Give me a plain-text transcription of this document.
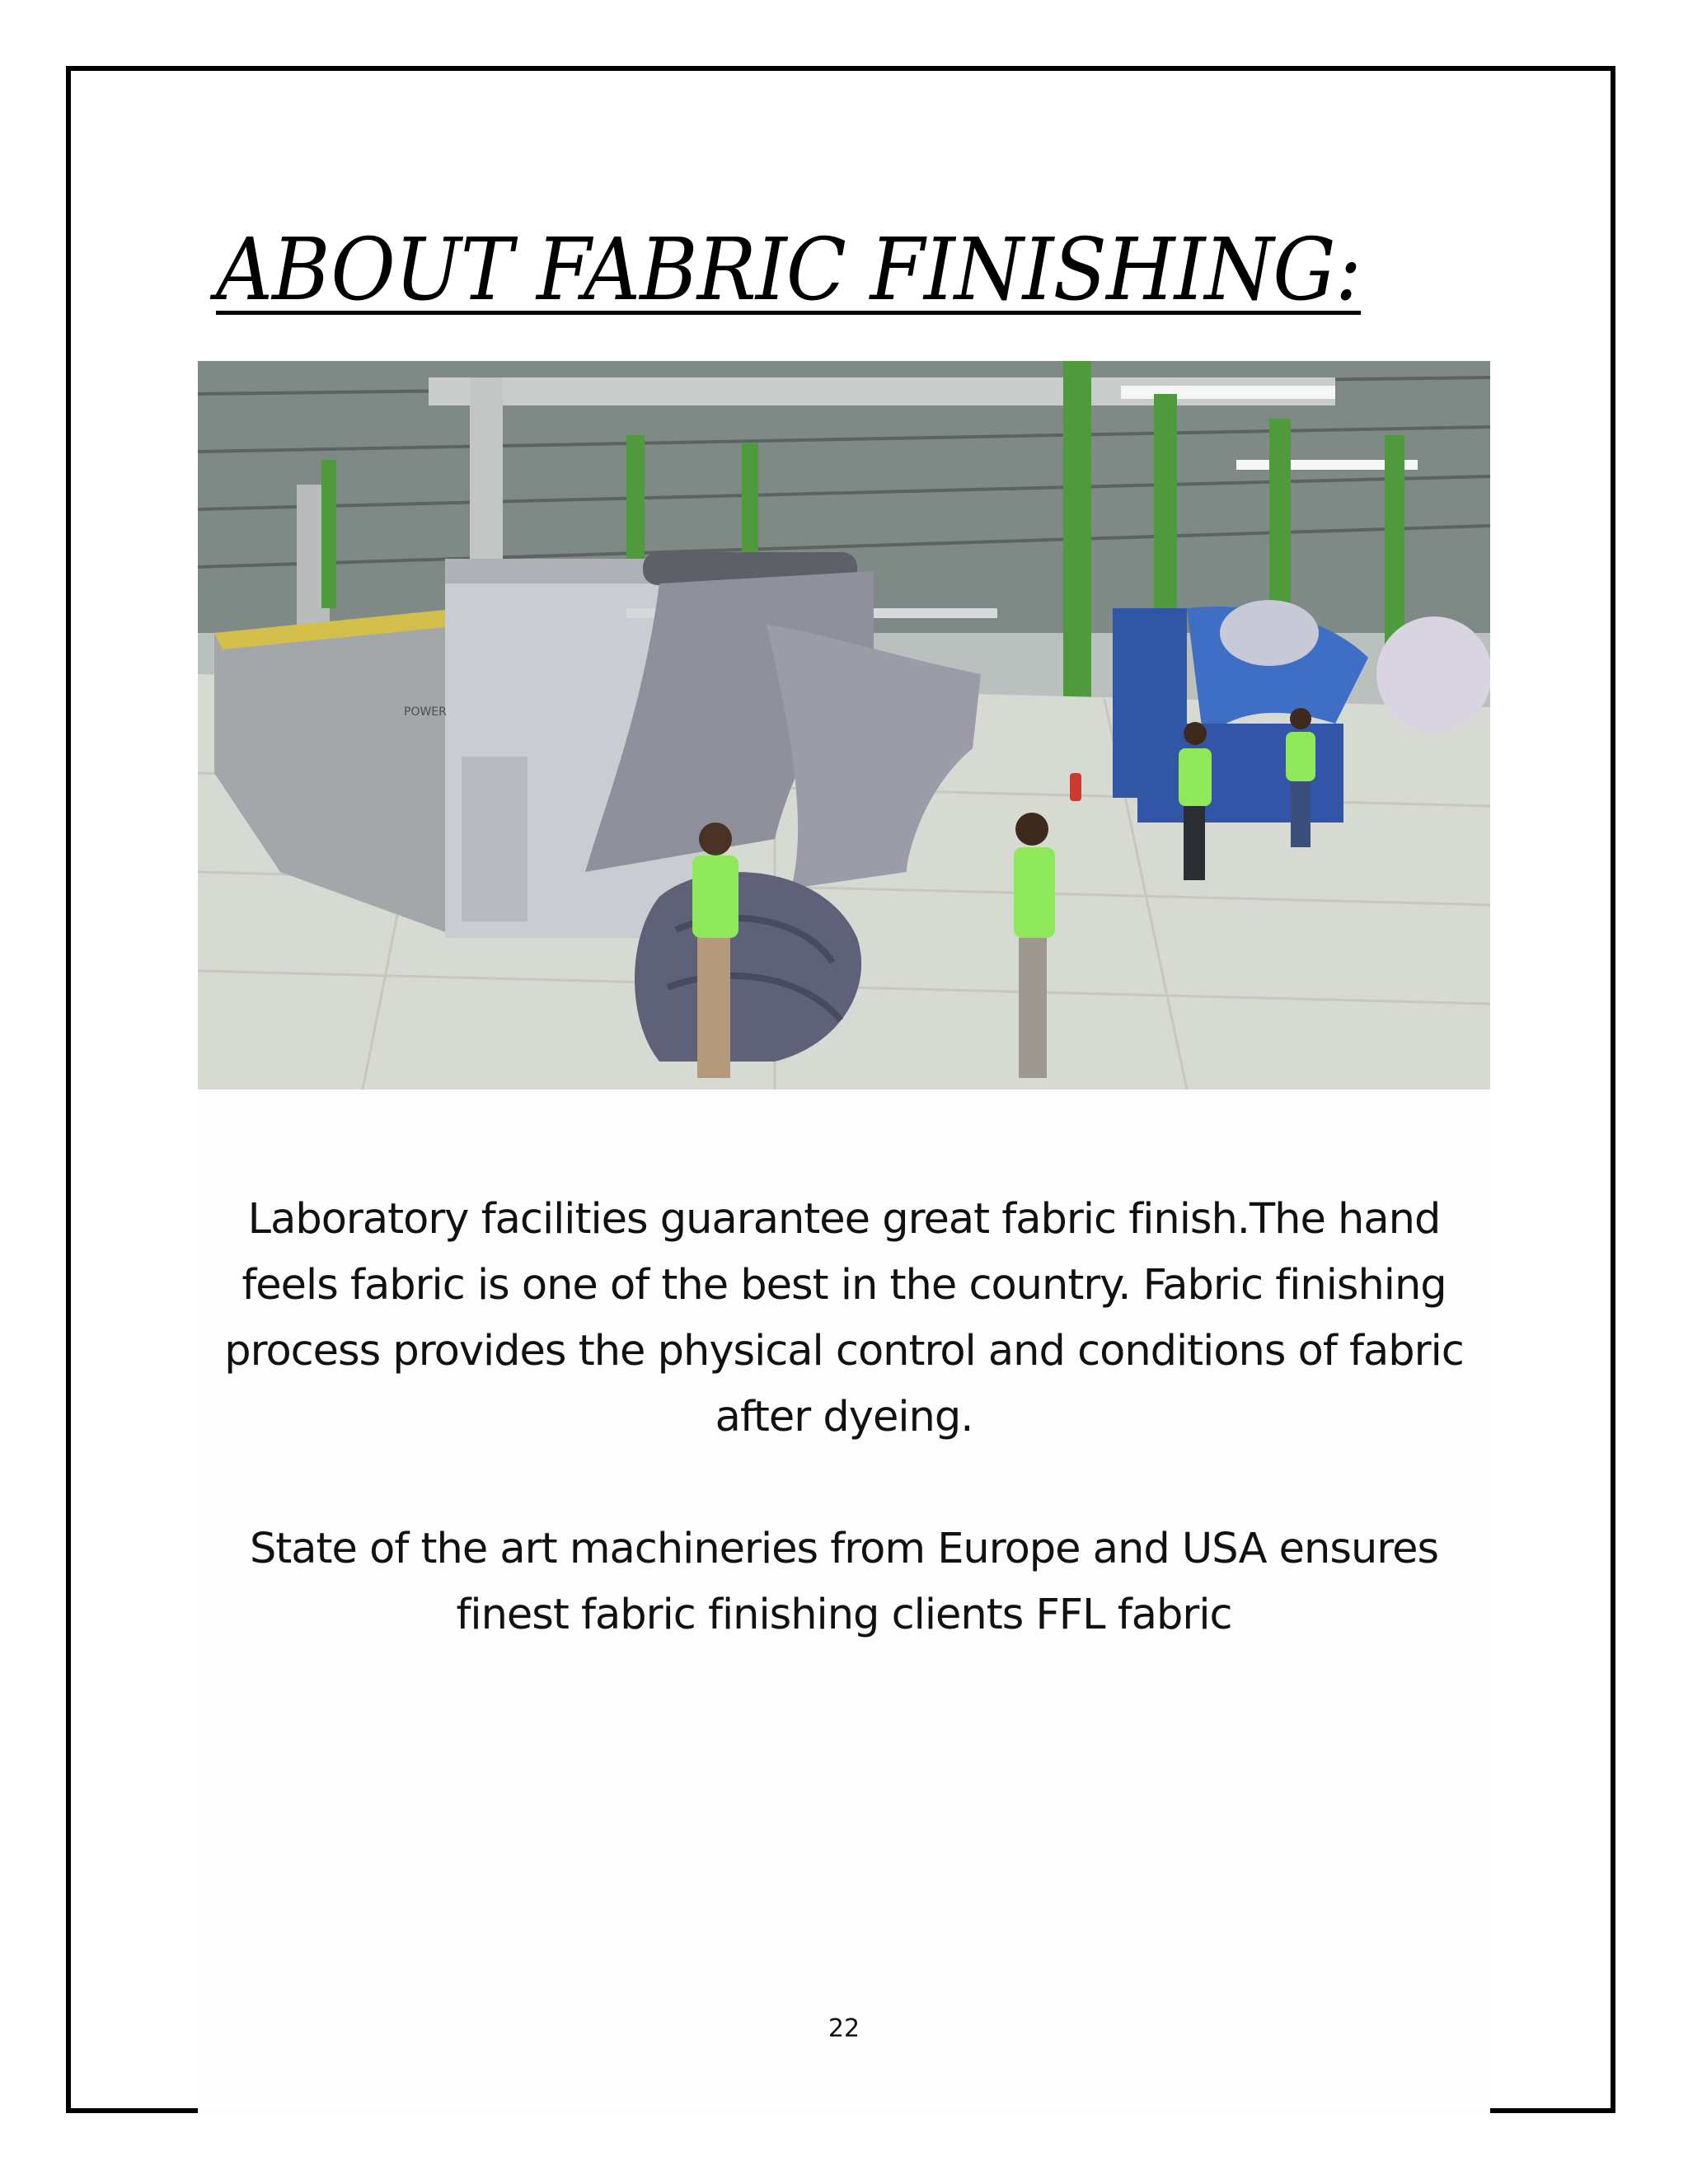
ABOUT FABRIC FINISHING:
POWER

Laboratory facilities guarantee great fabric finish.The hand feels fabric is one of the best in the country. Fabric finishing process provides the physical control and conditions of fabric after dyeing.

State of the art machineries from Europe and USA ensures finest fabric finishing clients FFL fabric

22
